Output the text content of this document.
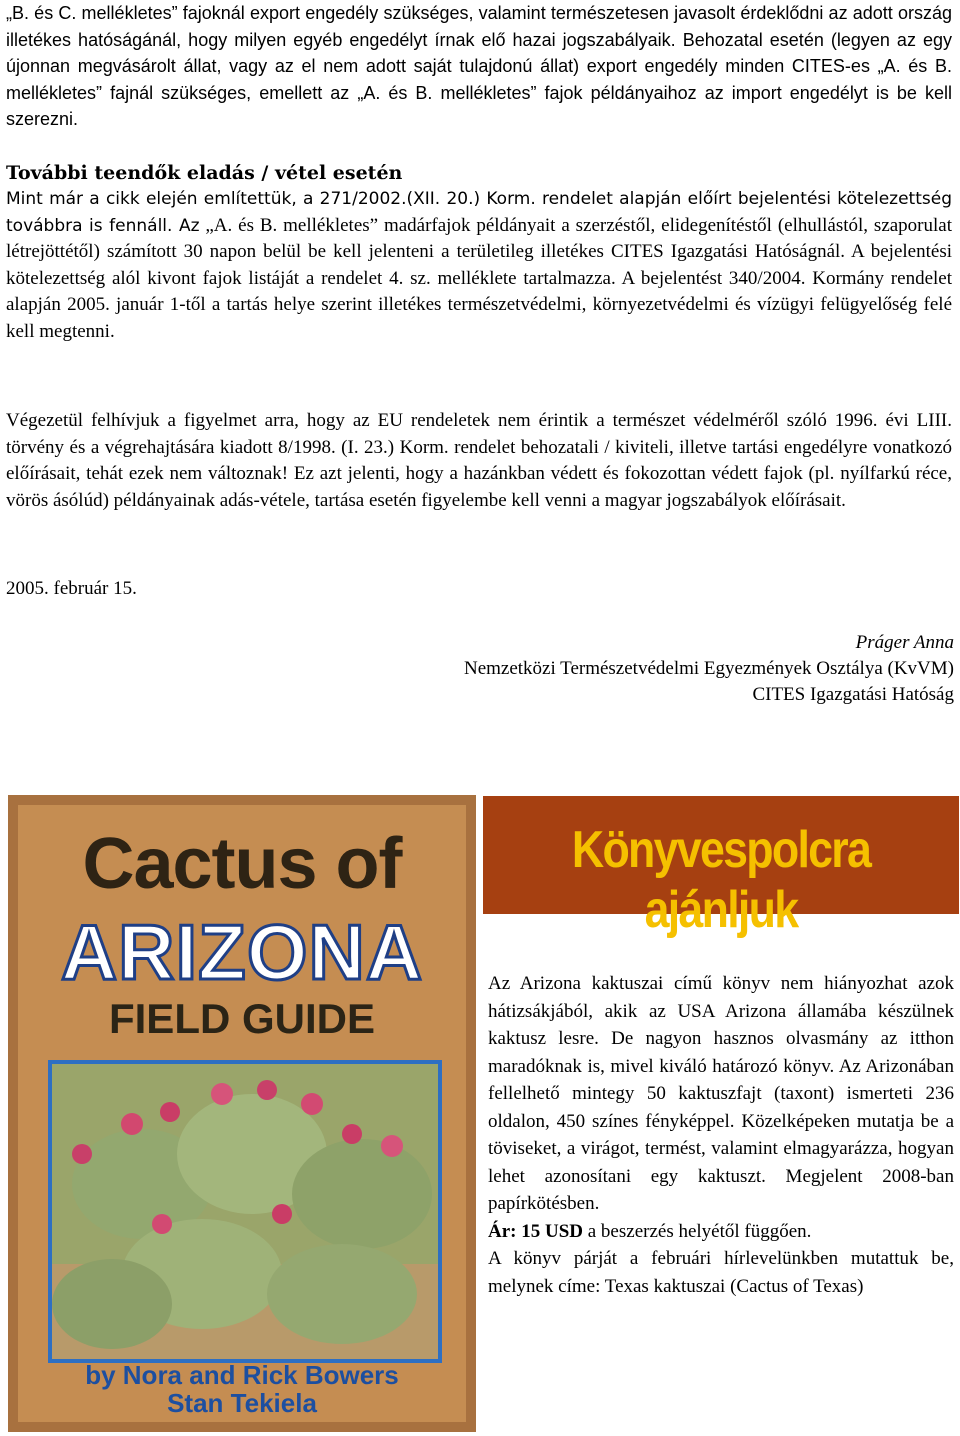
„B. és C. mellékletes” fajoknál export engedély szükséges, valamint természetesen javasolt érdeklődni az adott ország illetékes hatóságánál, hogy milyen egyéb engedélyt írnak elő hazai jogszabályaik. Behozatal esetén (legyen az egy újonnan megvásárolt állat, vagy az el nem adott saját tulajdonú állat) export engedély minden CITES-es „A. és B. mellékletes” fajnál szükséges, emellett az „A. és B. mellékletes” fajok példányaihoz az import engedélyt is be kell szerezni.
További teendők eladás / vétel esetén
Mint már a cikk elején említettük, a 271/2002.(XII. 20.) Korm. rendelet alapján előírt bejelentési kötelezettség továbbra is fennáll. Az „A. és B. mellékletes” madárfajok példányait a szerzéstől, elidegenítéstől (elhullástól, szaporulat létrejöttétől) számított 30 napon belül be kell jelenteni a területileg illetékes CITES Igazgatási Hatóságnál. A bejelentési kötelezettség alól kivont fajok listáját a rendelet 4. sz. melléklete tartalmazza. A bejelentést 340/2004. Kormány rendelet alapján 2005. január 1-től a tartás helye szerint illetékes természetvédelmi, környezetvédelmi és vízügyi felügyelőség felé kell megtenni.
Végezetül felhívjuk a figyelmet arra, hogy az EU rendeletek nem érintik a természet védelméről szóló 1996. évi LIII. törvény és a végrehajtására kiadott 8/1998. (I. 23.) Korm. rendelet behozatali / kiviteli, illetve tartási engedélyre vonatkozó előírásait, tehát ezek nem változnak! Ez azt jelenti, hogy a hazánkban védett és fokozottan védett fajok (pl. nyílfarkú réce, vörös ásólúd) példányainak adás-vétele, tartása esetén figyelembe kell venni a magyar jogszabályok előírásait.
2005. február 15.
Práger Anna
Nemzetközi Természetvédelmi Egyezmények Osztálya (KvVM)
CITES Igazgatási Hatóság
Cactus of
ARIZONA
FIELD GUIDE
by Nora and Rick Bowers
Stan Tekiela
Könyvespolcra ajánljuk

Az Arizona kaktuszai című könyv nem hiányozhat azok hátizsákjából, akik az USA Arizona államába készülnek kaktusz lesre. De nagyon hasznos olvasmány az itthon maradóknak is, mivel kiváló határozó könyv. Az Arizonában fellelhető mintegy 50 kaktuszfajt (taxont) ismerteti 236 oldalon, 450 színes fényképpel. Közelképeken mutatja be a töviseket, a virágot, termést, valamint elmagyarázza, hogyan lehet azonosítani egy kaktuszt. Megjelent 2008-ban papírkötésben.

Ár: 15 USD a beszerzés helyétől függően.

A könyv párját a februári hírlevelünkben mutattuk be, melynek címe: Texas kaktuszai (Cactus of Texas)
